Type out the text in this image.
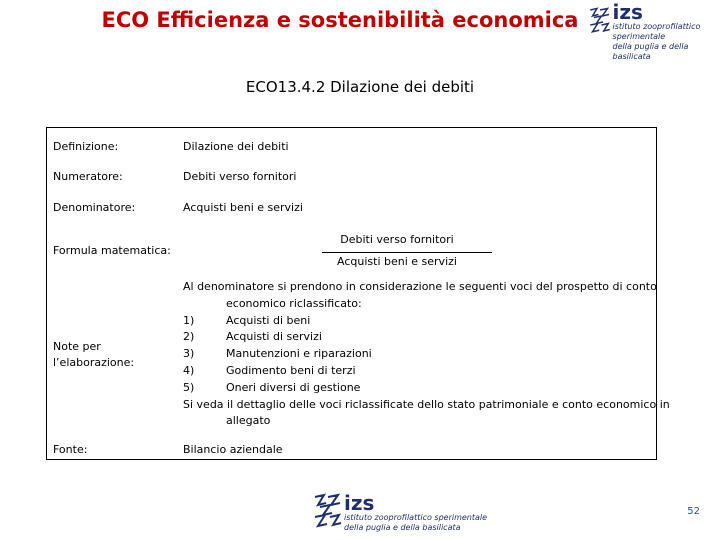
ECO Efficienza e sostenibilità economica	izs
istituto zooprofilattico sperimentale
della puglia e della basilicata
ECO13.4.2 Dilazione dei debiti
Definizione:	Dilazione dei debiti
Numeratore:	Debiti verso fornitori
Denominatore:	Acquisti beni e servizi
Formula matematica:
Debiti verso fornitori
Acquisti beni e servizi
Note per
l’elaborazione:
Al denominatore si prendono in considerazione le seguenti voci del prospetto di conto
economico riclassificato:
1)	Acquisti di beni
2)	Acquisti di servizi
3)	Manutenzioni e riparazioni
4)	Godimento beni di terzi
5)	Oneri diversi di gestione
Si veda il dettaglio delle voci riclassificate dello stato patrimoniale e conto economico in
allegato
Fonte:	Bilancio aziendale
izs
istituto zooprofilattico sperimentale
della puglia e della basilicata
52
